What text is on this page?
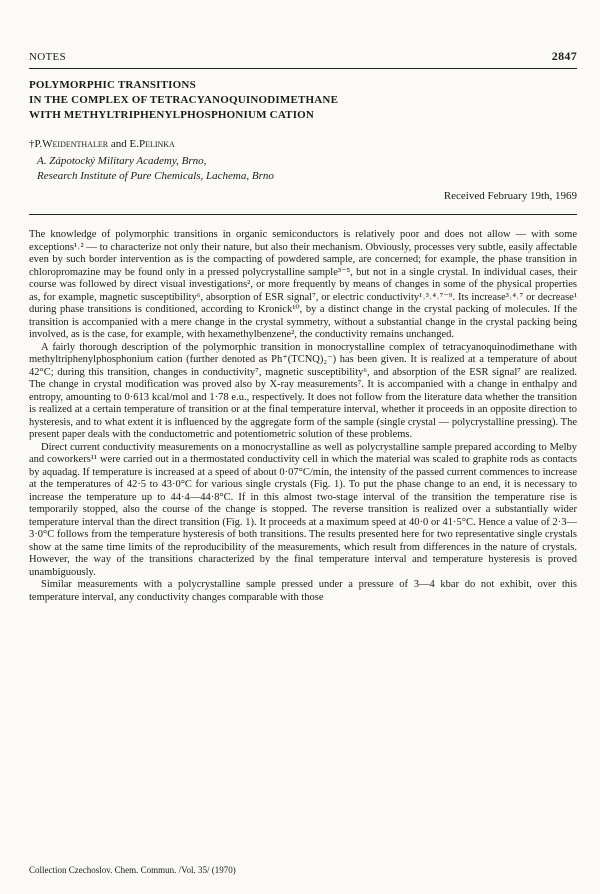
NOTES	2847
POLYMORPHIC TRANSITIONS
IN THE COMPLEX OF TETRACYANOQUINODIMETHANE
WITH METHYLTRIPHENYLPHOSPHONIUM CATION
†P.Weidenthaler and E.Pelinka
A. Zápotocký Military Academy, Brno,
Research Institute of Pure Chemicals, Lachema, Brno
Received February 19th, 1969

The knowledge of polymorphic transitions in organic semiconductors is relatively poor and does not allow — with some exceptions¹˒² — to characterize not only their nature, but also their mechanism. Obviously, processes very subtle, easily affectable even by such border intervention as is the compacting of powdered sample, are concerned; for example, the phase transition in chloropromazine may be found only in a pressed polycrystalline sample³⁻⁵, but not in a single crystal. In individual cases, their course was followed by direct visual investigations², or more frequently by means of changes in some of the physical properties as, for example, magnetic susceptibility⁶, absorption of ESR signal⁷, or electric conductivity¹˒³˒⁴˒⁷⁻⁹. Its increase³˒⁴˒⁷ or decrease¹ during phase transitions is conditioned, according to Kronick¹⁰, by a distinct change in the crystal packing of molecules. If the transition is accompanied with a mere change in the crystal symmetry, without a substantial change in the crystal packing being involved, as is the case, for example, with hexamethylbenzene², the conductivity remains unchanged.

A fairly thorough description of the polymorphic transition in monocrystalline complex of tetracyanoquinodimethane with methyltriphenylphosphonium cation (further denoted as Ph⁺(TCNQ)₂⁻) has been given. It is realized at a temperature of about 42°C; during this transition, changes in conductivity⁷, magnetic susceptibility⁶, and absorption of the ESR signal⁷ are realized. The change in crystal modification was proved also by X-ray measurements⁷. It is accompanied with a change in enthalpy and entropy, amounting to 0·613 kcal/mol and 1·78 e.u., respectively. It does not follow from the literature data whether the transition is realized at a certain temperature of transition or at the final temperature interval, whether it proceeds in an opposite direction to hysteresis, and to what extent it is influenced by the aggregate form of the sample (single crystal — polycrystalline pressing). The present paper deals with the conductometric and potentiometric solution of these problems.

Direct current conductivity measurements on a monocrystalline as well as polycrystalline sample prepared according to Melby and coworkers¹¹ were carried out in a thermostated conductivity cell in which the material was scaled to graphite rods as contacts by aquadag. If temperature is increased at a speed of about 0·07°C/min, the intensity of the passed current commences to increase at the temperatures of 42·5 to 43·0°C for various single crystals (Fig. 1). To put the phase change to an end, it is necessary to increase the temperature up to 44·4—44·8°C. If in this almost two-stage interval of the transition the temperature rise is temporarily stopped, also the course of the change is stopped. The reverse transition is realized over a substantially wider temperature interval than the direct transition (Fig. 1). It proceeds at a maximum speed at 40·0 or 41·5°C. Hence a value of 2·3—3·0°C follows from the temperature hysteresis of both transitions. The results presented here for two representative single crystals show at the same time limits of the reproducibility of the measurements, which result from differences in the nature of crystals. However, the way of the transitions characterized by the final temperature interval and temperature hysteresis is proved unambiguously.

Similar measurements with a polycrystalline sample pressed under a pressure of 3—4 kbar do not exhibit, over this temperature interval, any conductivity changes comparable with those

Collection Czechoslov. Chem. Commun. /Vol. 35/ (1970)
